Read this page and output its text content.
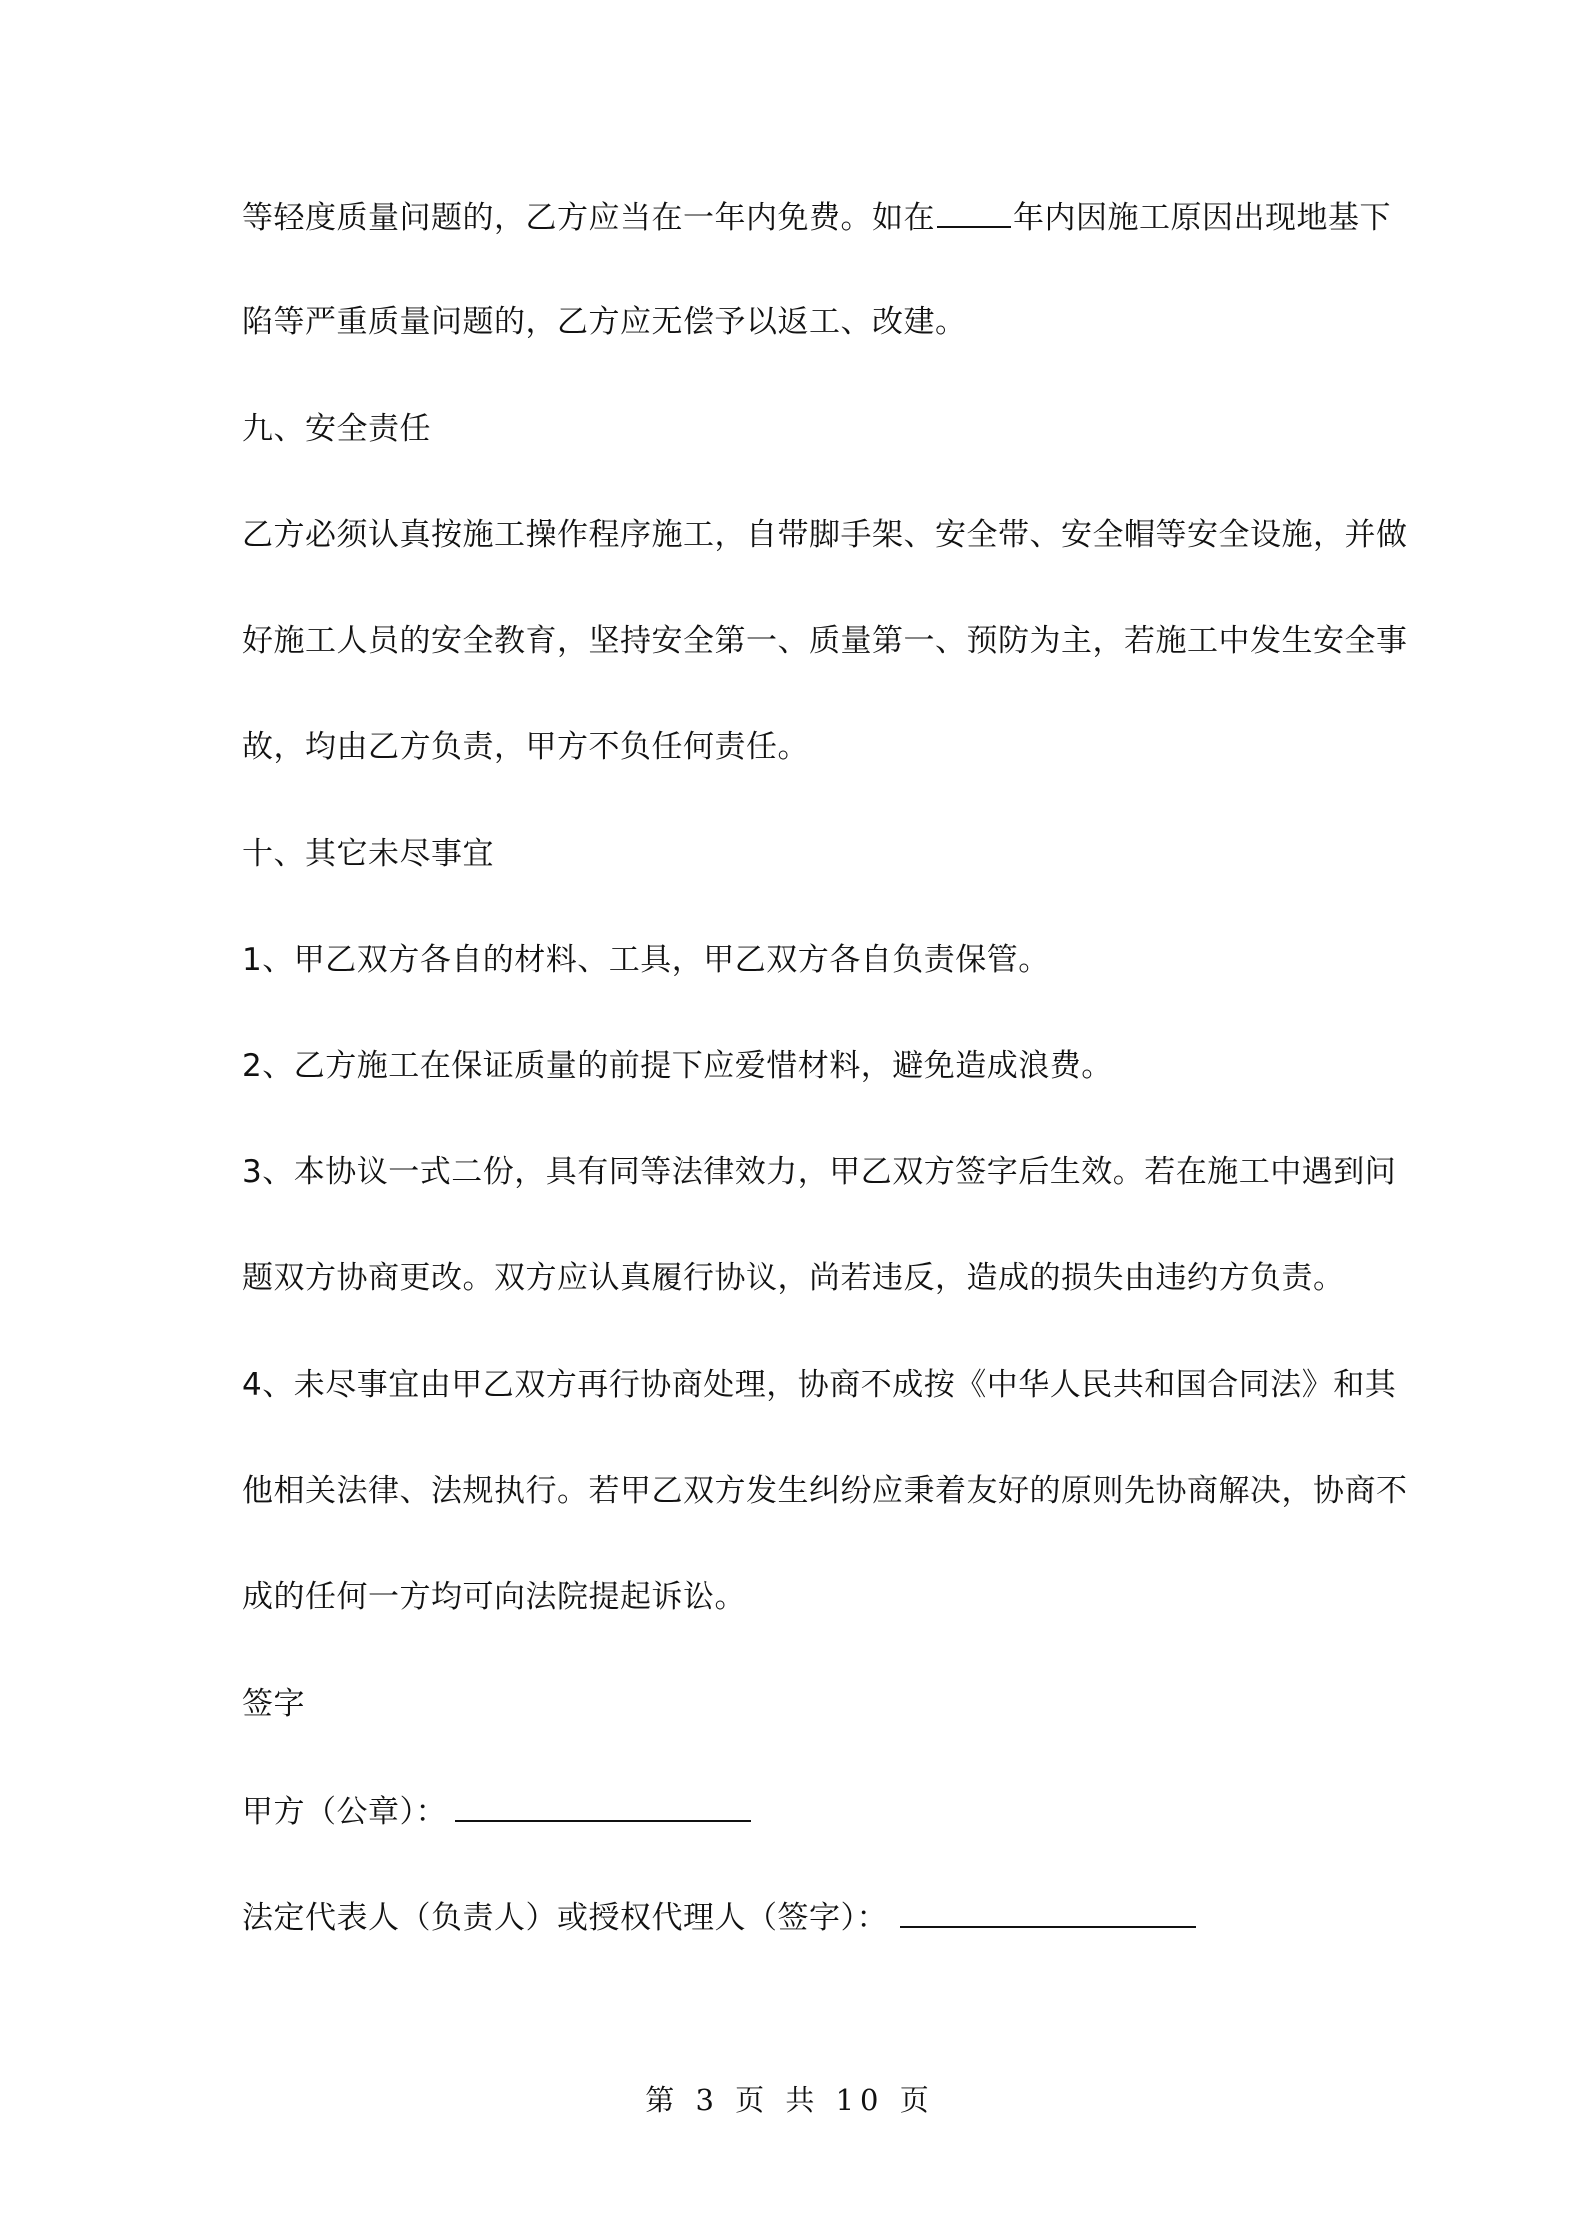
等轻度质量问题的，乙方应当在一年内免费。如在	年内因施工原因出现地基下
陷等严重质量问题的，乙方应无偿予以返工、改建。
九、安全责任
乙方必须认真按施工操作程序施工，自带脚手架、安全带、安全帽等安全设施，并做
好施工人员的安全教育，坚持安全第一、质量第一、预防为主，若施工中发生安全事
故，均由乙方负责，甲方不负任何责任。
十、其它未尽事宜
1、甲乙双方各自的材料、工具，甲乙双方各自负责保管。
2、乙方施工在保证质量的前提下应爱惜材料，避免造成浪费。
3、本协议一式二份，具有同等法律效力，甲乙双方签字后生效。若在施工中遇到问
题双方协商更改。双方应认真履行协议，尚若违反，造成的损失由违约方负责。
4、未尽事宜由甲乙双方再行协商处理，协商不成按《中华人民共和国合同法》和其
他相关法律、法规执行。若甲乙双方发生纠纷应秉着友好的原则先协商解决，协商不
成的任何一方均可向法院提起诉讼。
签字
甲方（公章）：
法定代表人（负责人）或授权代理人（签字）：
第 3 页 共 10 页
